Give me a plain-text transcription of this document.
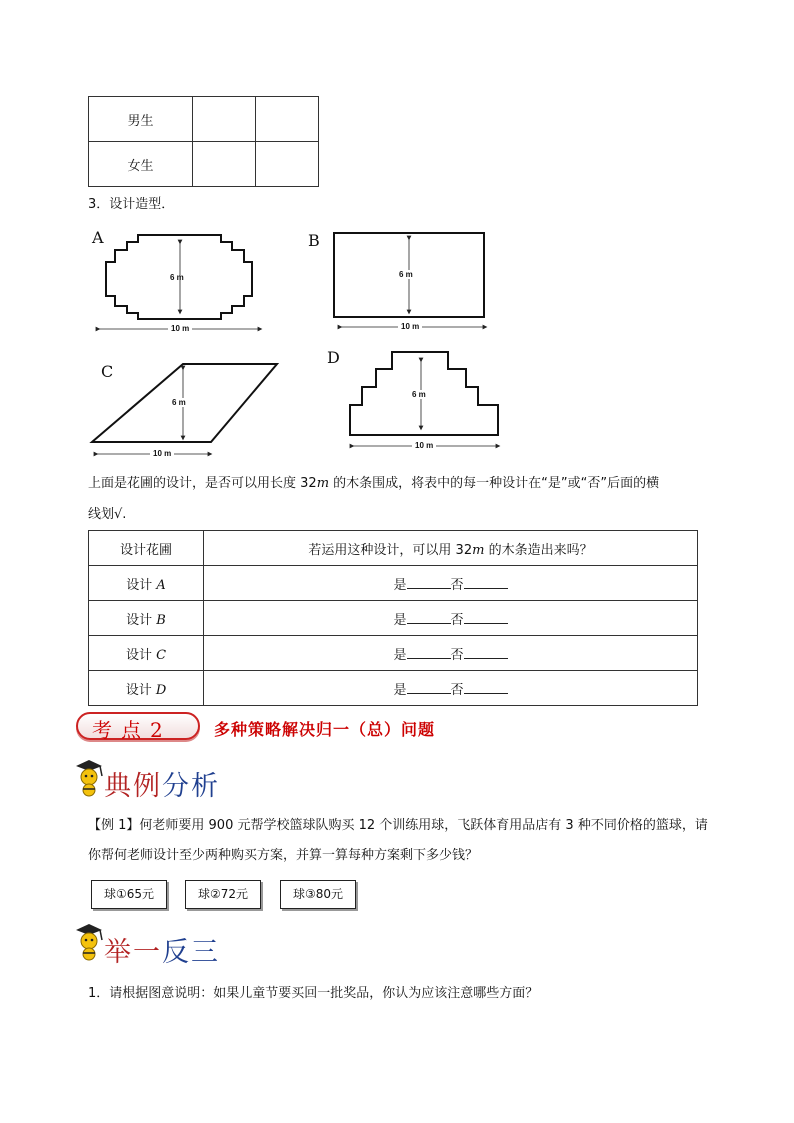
男生		
女生		
3．设计造型．
A
6 m
10 m
B
6 m
10 m
C
6 m
10 m
D
6 m
10 m
上面是花圃的设计，是否可以用长度 32m 的木条围成，将表中的每一种设计在“是”或“否”后面的横
线划√.
设计花圃	若运用这种设计，可以用 32m 的木条造出来吗？
设计 A	是 否
设计 B	是 否
设计 C	是 否
设计 D	是 否
考点2	多种策略解决归一（总）问题
典例分析
【例 1】何老师要用 900 元帮学校篮球队购买 12 个训练用球，飞跃体育用品店有 3 种不同价格的篮球，请
你帮何老师设计至少两种购买方案，并算一算每种方案剩下多少钱？
球①65元	球②72元	球③80元
举一反三
1．请根据图意说明：如果儿童节要买回一批奖品，你认为应该注意哪些方面？
